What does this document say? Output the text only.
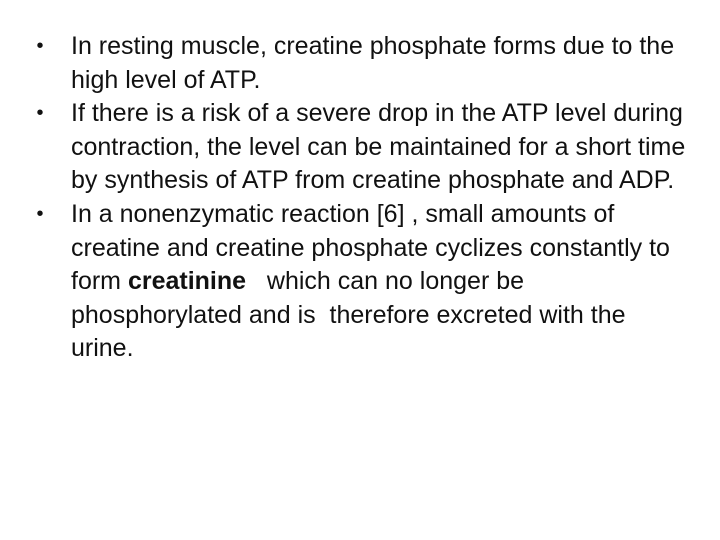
• In resting muscle, creatine phosphate forms due to the high level of ATP.
• If there is a risk of a severe drop in the ATP level during contraction, the level can be maintained for a short time by synthesis of ATP from creatine phosphate and ADP.
• In a nonenzymatic reaction [6] , small amounts of creatine and creatine phosphate cyclizes constantly to form creatinine   which can no longer be  phosphorylated and is  therefore excreted with the urine.
